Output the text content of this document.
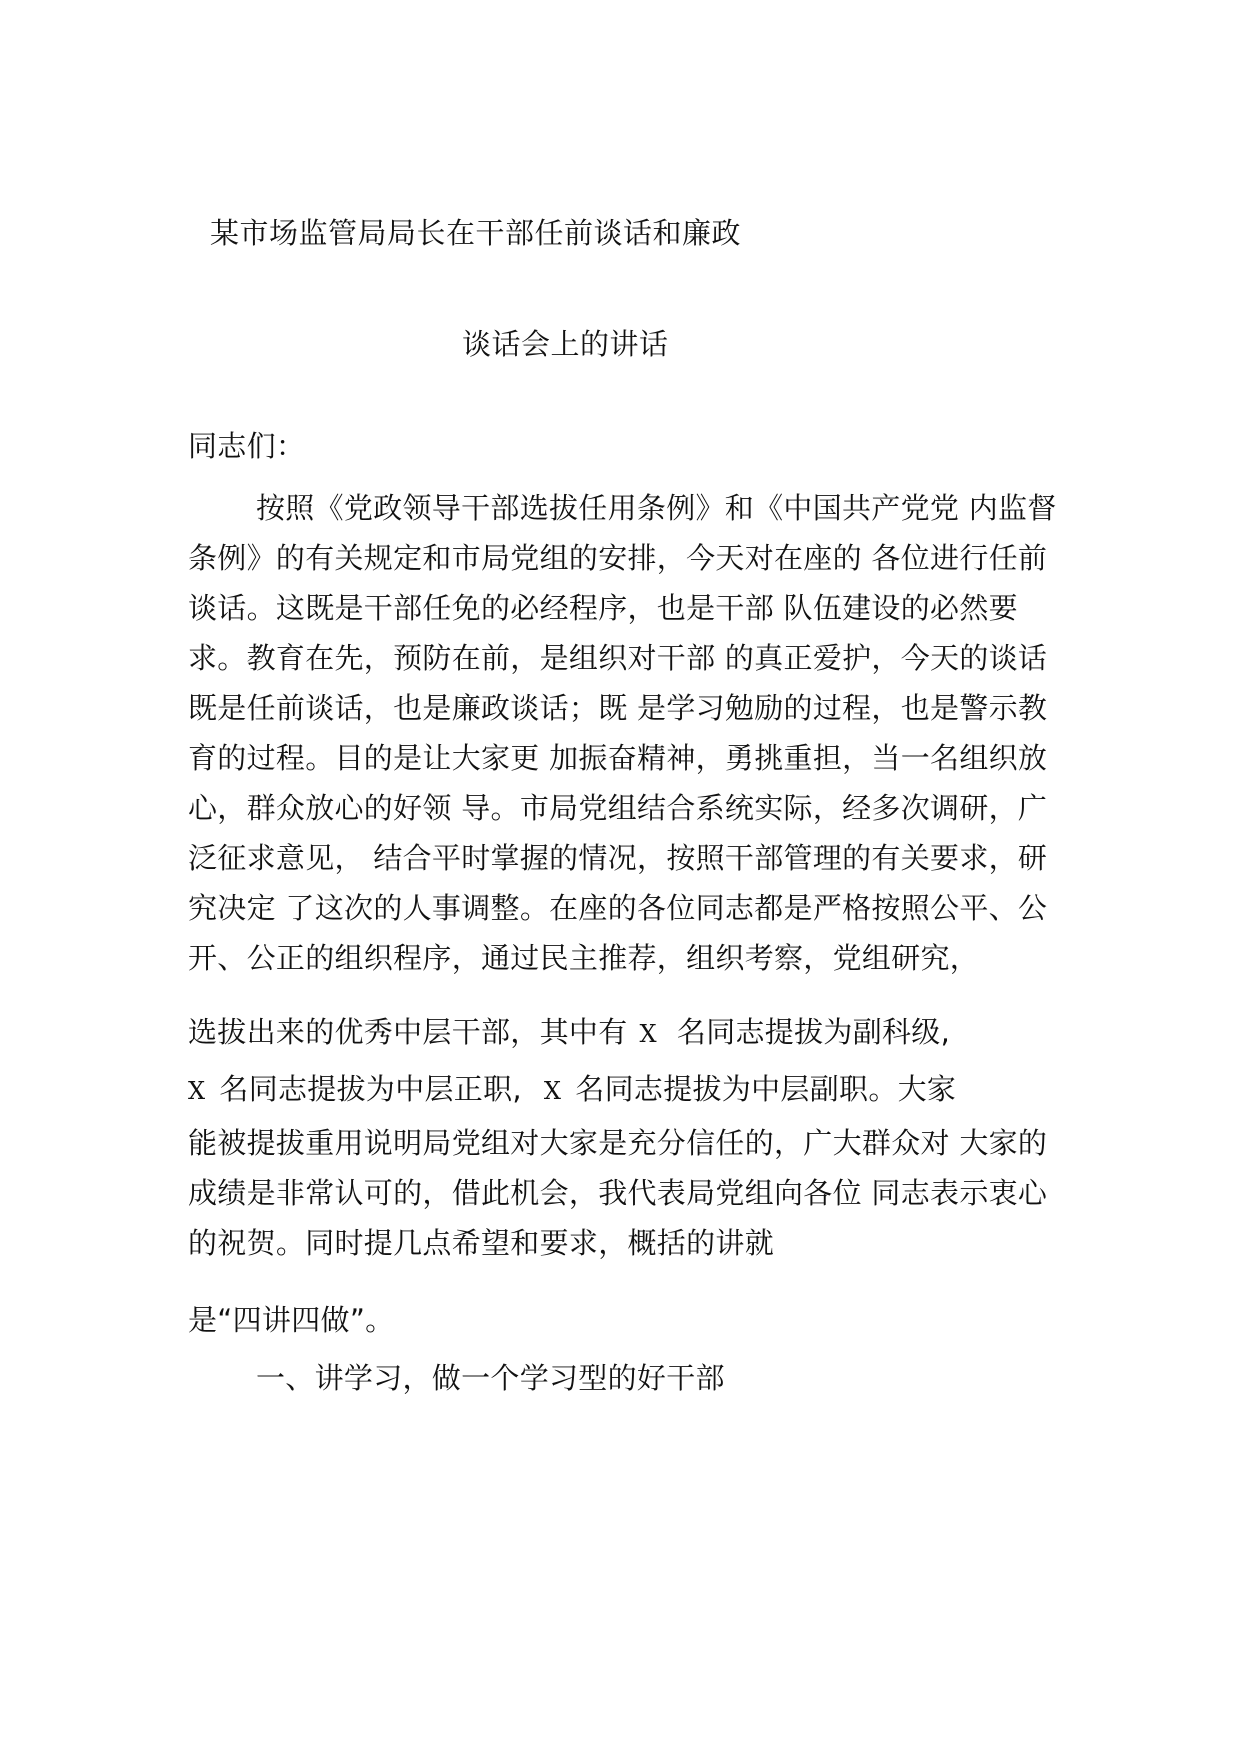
某市场监管局局长在干部任前谈话和廉政
谈话会上的讲话
同志们：
按照《党政领导干部选拔任用条例》和《中国共产党党 内监督
条例》的有关规定和市局党组的安排，今天对在座的 各位进行任前
谈话。这既是干部任免的必经程序，也是干部 队伍建设的必然要
求。教育在先，预防在前，是组织对干部 的真正爱护，今天的谈话
既是任前谈话，也是廉政谈话；既 是学习勉励的过程，也是警示教
育的过程。目的是让大家更 加振奋精神，勇挑重担，当一名组织放
心，群众放心的好领 导。市局党组结合系统实际，经多次调研，广
泛征求意见， 结合平时掌握的情况，按照干部管理的有关要求，研
究决定 了这次的人事调整。在座的各位同志都是严格按照公平、公
开、公正的组织程序，通过民主推荐，组织考察，党组研究，
选拔出来的优秀中层干部，其中有 X 名同志提拔为副科级,
X 名同志提拔为中层正职, X 名同志提拔为中层副职。大家
能被提拔重用说明局党组对大家是充分信任的，广大群众对 大家的
成绩是非常认可的，借此机会，我代表局党组向各位 同志表示衷心
的祝贺。同时提几点希望和要求，概括的讲就
是“四讲四做”。
一、讲学习，做一个学习型的好干部
